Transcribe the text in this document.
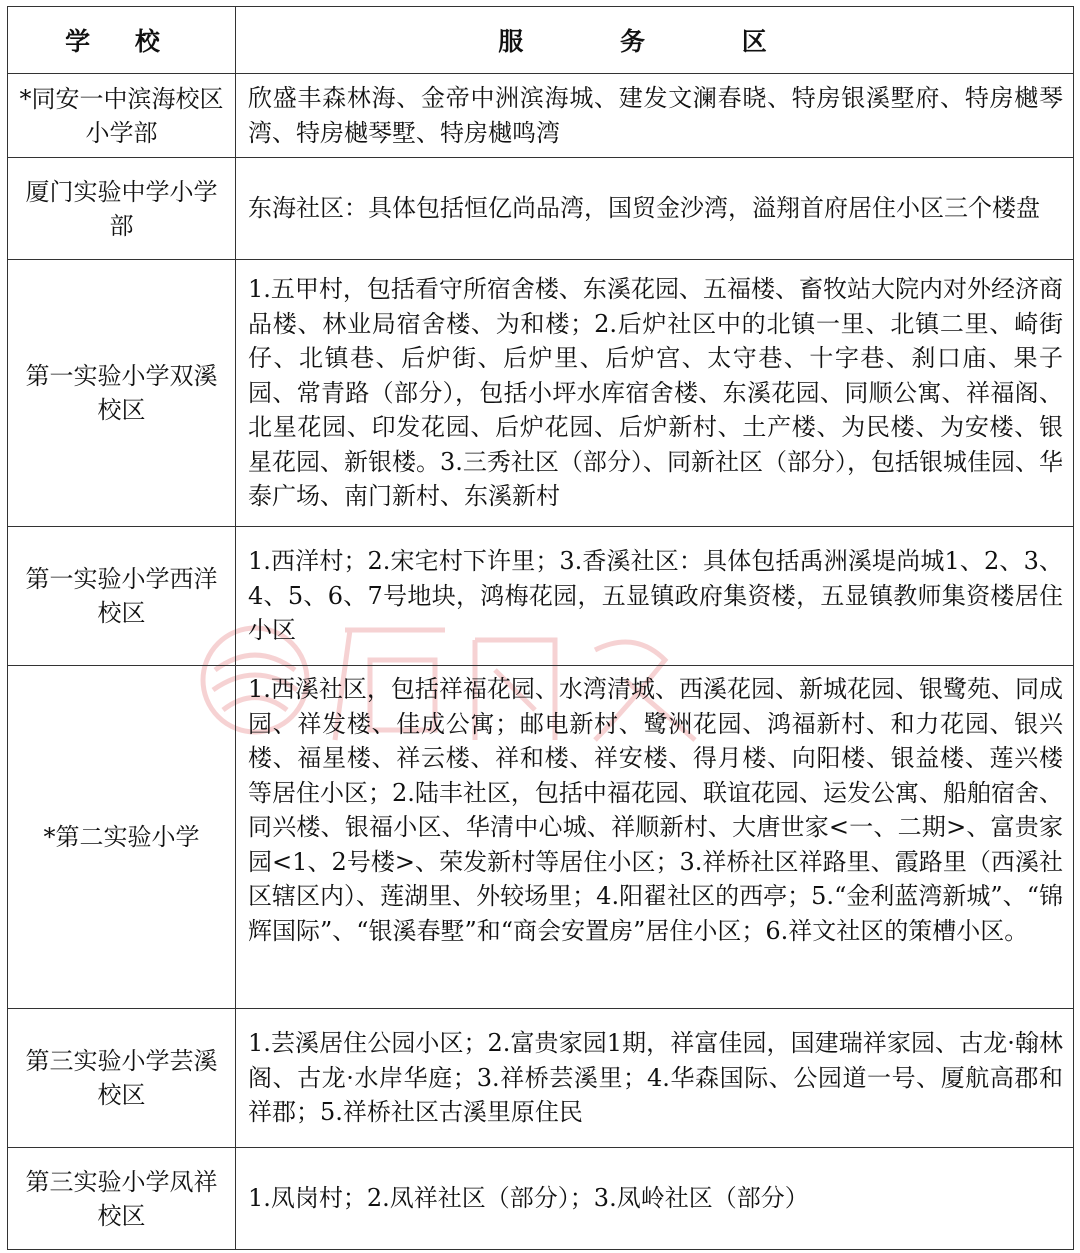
学 校	服 务 区
*同安一中滨海校区小学部	欣盛丰森林海、金帝中洲滨海城、建发文澜春晓、特房银溪墅府、特房樾琴湾、特房樾琴墅、特房樾鸣湾
厦门实验中学小学部	东海社区：具体包括恒亿尚品湾，国贸金沙湾，溢翔首府居住小区三个楼盘
第一实验小学双溪校区	1.五甲村，包括看守所宿舍楼、东溪花园、五福楼、畜牧站大院内对外经济商品楼、林业局宿舍楼、为和楼；2.后炉社区中的北镇一里、北镇二里、崎街仔、北镇巷、后炉街、后炉里、后炉宫、太守巷、十字巷、刹口庙、果子园、常青路（部分），包括小坪水库宿舍楼、东溪花园、同顺公寓、祥福阁、北星花园、印发花园、后炉花园、后炉新村、土产楼、为民楼、为安楼、银星花园、新银楼。3.三秀社区（部分）、同新社区（部分），包括银城佳园、华泰广场、南门新村、东溪新村
第一实验小学西洋校区	1.西洋村；2.宋宅村下许里；3.香溪社区：具体包括禹洲溪堤尚城1、2、3、4、5、6、7号地块，鸿梅花园，五显镇政府集资楼，五显镇教师集资楼居住小区
*第二实验小学	1.西溪社区，包括祥福花园、水湾清城、西溪花园、新城花园、银鹭苑、同成园、祥发楼、佳成公寓；邮电新村、鹭洲花园、鸿福新村、和力花园、银兴楼、福星楼、祥云楼、祥和楼、祥安楼、得月楼、向阳楼、银益楼、莲兴楼等居住小区；2.陆丰社区，包括中福花园、联谊花园、运发公寓、船舶宿舍、同兴楼、银福小区、华清中心城、祥顺新村、大唐世家<一、二期>、富贵家园<1、2号楼>、荣发新村等居住小区；3.祥桥社区祥路里、霞路里（西溪社区辖区内）、莲湖里、外较场里；4.阳翟社区的西亭；5.“金利蓝湾新城”、“锦辉国际”、“银溪春墅”和“商会安置房”居住小区；6.祥文社区的策槽小区。
第三实验小学芸溪校区	1.芸溪居住公园小区；2.富贵家园1期，祥富佳园，国建瑞祥家园、古龙·翰林阁、古龙·水岸华庭；3.祥桥芸溪里；4.华森国际、公园道一号、厦航高郡和祥郡；5.祥桥社区古溪里原住民
第三实验小学凤祥校区	1.凤岗村；2.凤祥社区（部分）；3.凤岭社区（部分）
